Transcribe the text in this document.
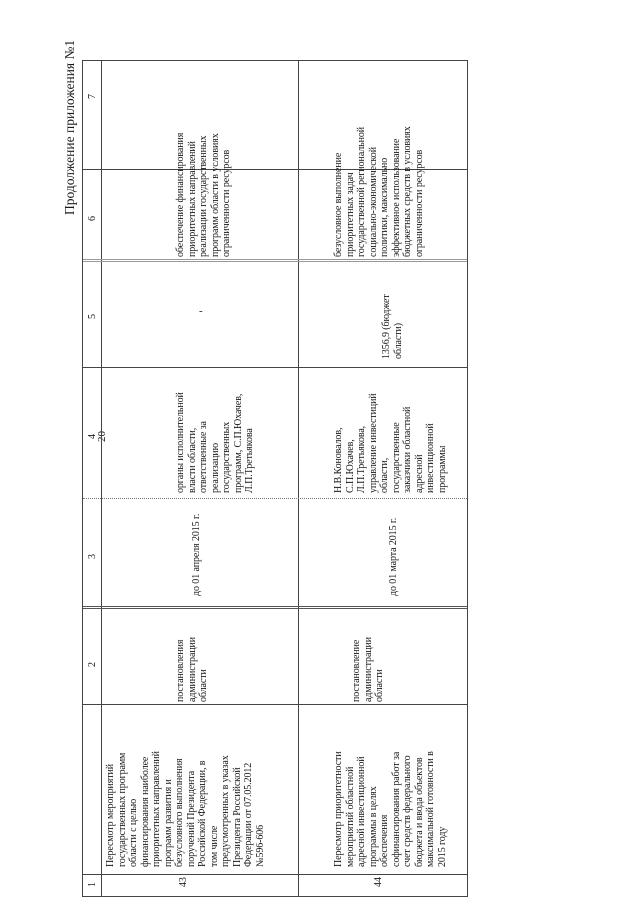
Продолжение приложения №1
20
7
6
5
4
3
2
1	43
Пересмотр мероприятий
государственных программ
области с целью
финансирования наиболее
приоритетных направлений
программ развития и
безусловного выполнения
поручений Президента
Российской Федерации, в
том числе
предусмотренных в указах
Президента Российской
Федерации от 07.05.2012
№596-606
постановления
администрации
области
до 01 апреля 2015 г.
органы исполнительной
власти области,
ответственные за
реализацию
государственных
программ, С.П.Юхачев,
Л.П.Третьякова
-
обеспечение финансирования
приоритетных направлений
реализации государственных
программ области в условиях
ограниченности ресурсов
44
Пересмотр приоритетности
мероприятий областной
адресной инвестиционной
программы в целях
обеспечения
софинансирования работ за
счет средств федерального
бюджета и ввода объектов
максимальной готовности в
2015 году
постановление
администрации
области
до 01 марта 2015 г.
Н.В.Коновалов,
С.П.Юхачев,
Л.П.Третьякова,
управление инвестиций
области,
государственные
заказчики областной
адресной
инвестиционной
программы
1356,9 (бюджет
области)
безусловное выполнение
приоритетных задач
государственной региональной
социально-экономической
политики, максимально
эффективное использование
бюджетных средств в условиях
ограниченности ресурсов
